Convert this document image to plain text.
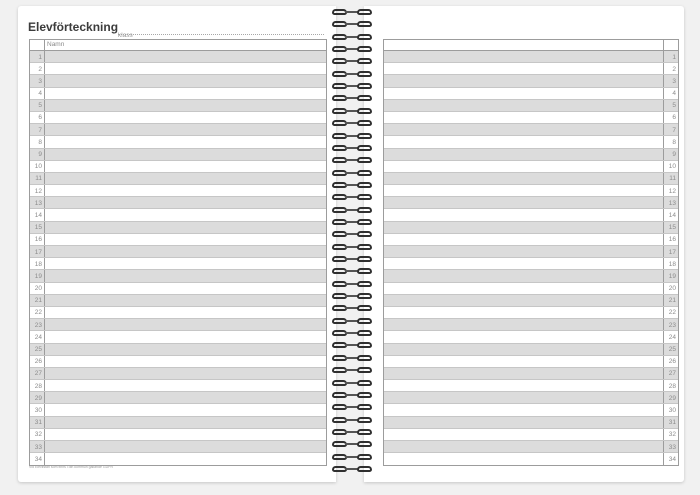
Elevförteckning
klass
Namn
1
2
3
4
5
6
7
8
9
10
11
12
13
14
15
16
17
18
19
20
21
22
23
24
25
26
27
28
29
30
31
32
33
34
1
2
3
4
5
6
7
8
9
10
11
12
13
14
15
16
17
18
19
20
21
22
23
24
25
26
27
28
29
30
31
32
33
34
Vid Elevlistan som finns i din kommun gällande GDPR
